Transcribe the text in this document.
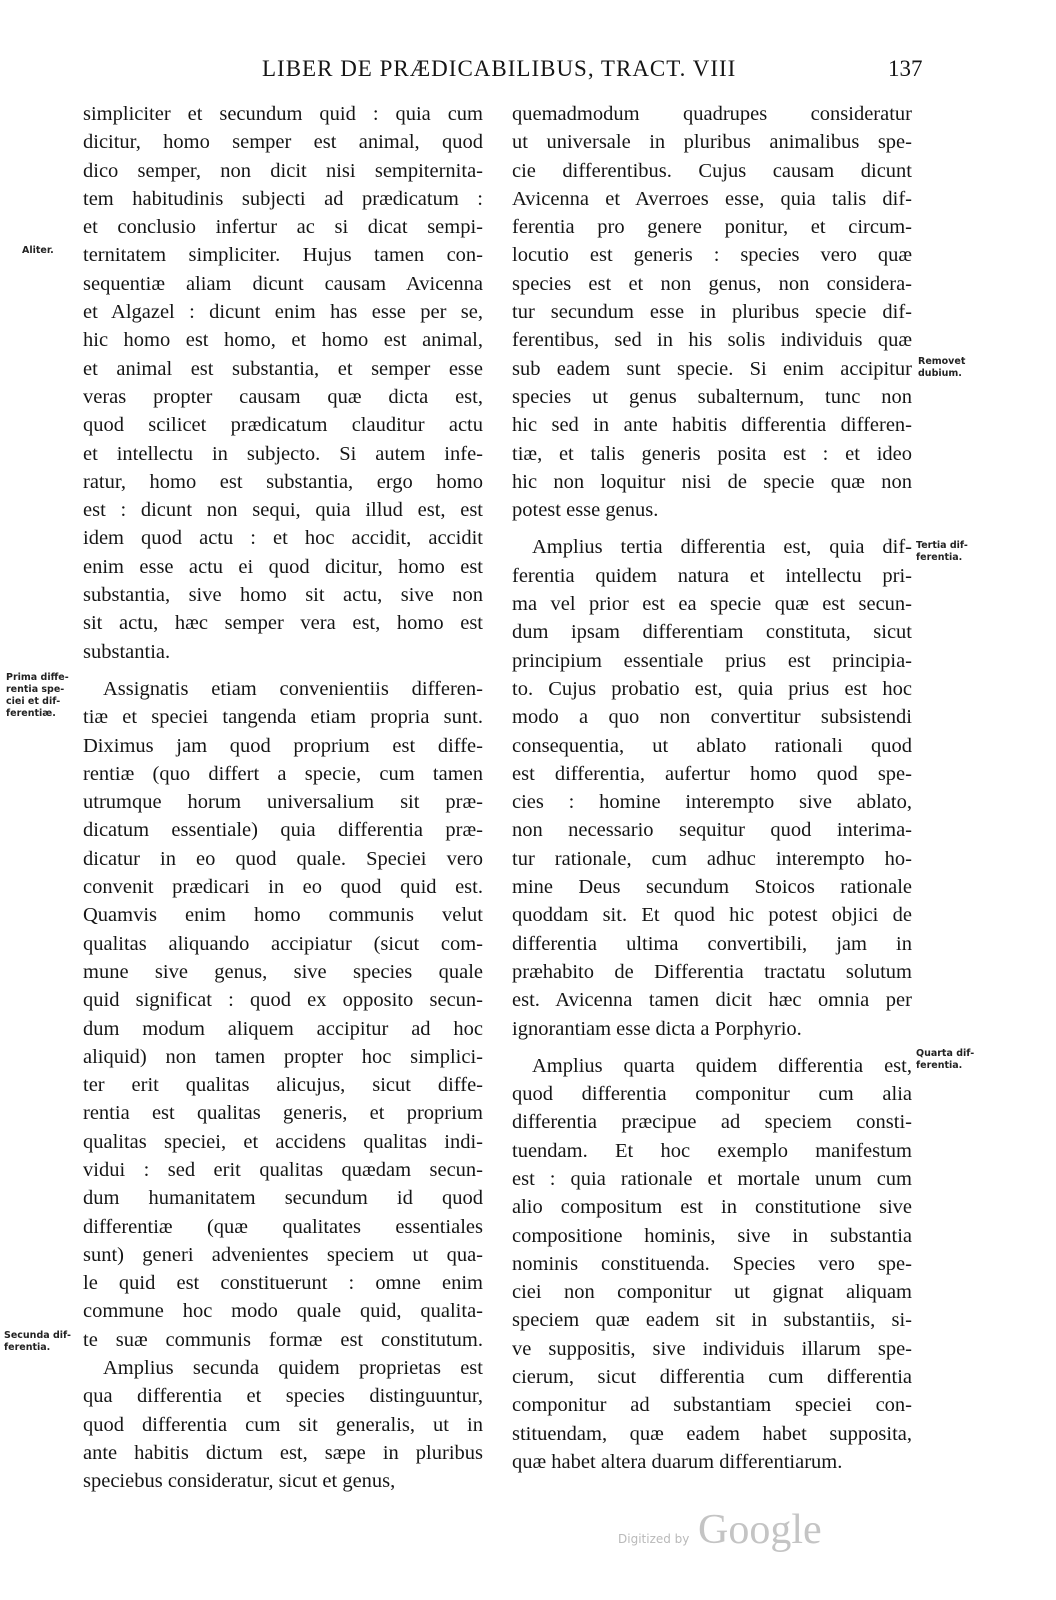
LIBER DE PRÆDICABILIBUS, TRACT. VIII	137
simpliciter et secundum quid : quia cum
dicitur, homo semper est animal, quod
dico semper, non dicit nisi sempiternita-
tem habitudinis subjecti ad prædicatum :
et conclusio infertur ac si dicat sempi-
ternitatem simpliciter. Hujus tamen con-
sequentiæ aliam dicunt causam Avicenna
et Algazel : dicunt enim has esse per se,
hic homo est homo, et homo est animal,
et animal est substantia, et semper esse
veras propter causam quæ dicta est,
quod scilicet prædicatum clauditur actu
et intellectu in subjecto. Si autem infe-
ratur, homo est substantia, ergo homo
est : dicunt non sequi, quia illud est, est
idem quod actu : et hoc accidit, accidit
enim esse actu ei quod dicitur, homo est
substantia, sive homo sit actu, sive non
sit actu, hæc semper vera est, homo est
substantia.
Assignatis etiam convenientiis differen-
tiæ et speciei tangenda etiam propria sunt.
Diximus jam quod proprium est diffe-
rentiæ (quo differt a specie, cum tamen
utrumque horum universalium sit præ-
dicatum essentiale) quia differentia præ-
dicatur in eo quod quale. Speciei vero
convenit prædicari in eo quod quid est.
Quamvis enim homo communis velut
qualitas aliquando accipiatur (sicut com-
mune sive genus, sive species quale
quid significat : quod ex opposito secun-
dum modum aliquem accipitur ad hoc
aliquid) non tamen propter hoc simplici-
ter erit qualitas alicujus, sicut diffe-
rentia est qualitas generis, et proprium
qualitas speciei, et accidens qualitas indi-
vidui : sed erit qualitas quædam secun-
dum humanitatem secundum id quod
differentiæ (quæ qualitates essentiales
sunt) generi advenientes speciem ut qua-
le quid est constituerunt : omne enim
commune hoc modo quale quid, qualita-
te suæ communis formæ est constitutum.
Amplius secunda quidem proprietas est
qua differentia et species distinguuntur,
quod differentia cum sit generalis, ut in
ante habitis dictum est, sæpe in pluribus
speciebus consideratur, sicut et genus,
quemadmodum quadrupes consideratur
ut universale in pluribus animalibus spe-
cie differentibus. Cujus causam dicunt
Avicenna et Averroes esse, quia talis dif-
ferentia pro genere ponitur, et circum-
locutio est generis : species vero quæ
species est et non genus, non considera-
tur secundum esse in pluribus specie dif-
ferentibus, sed in his solis individuis quæ
sub eadem sunt specie. Si enim accipitur
species ut genus subalternum, tunc non
hic sed in ante habitis differentia differen-
tiæ, et talis generis posita est : et ideo
hic non loquitur nisi de specie quæ non
potest esse genus.
Amplius tertia differentia est, quia dif-
ferentia quidem natura et intellectu pri-
ma vel prior est ea specie quæ est secun-
dum ipsam differentiam constituta, sicut
principium essentiale prius est principia-
to. Cujus probatio est, quia prius est hoc
modo a quo non convertitur subsistendi
consequentia, ut ablato rationali quod
est differentia, aufertur homo quod spe-
cies : homine interempto sive ablato,
non necessario sequitur quod interima-
tur rationale, cum adhuc interempto ho-
mine Deus secundum Stoicos rationale
quoddam sit. Et quod hic potest objici de
differentia ultima convertibili, jam in
præhabito de Differentia tractatu solutum
est. Avicenna tamen dicit hæc omnia per
ignorantiam esse dicta a Porphyrio.
Amplius quarta quidem differentia est,
quod differentia componitur cum alia
differentia præcipue ad speciem consti-
tuendam. Et hoc exemplo manifestum
est : quia rationale et mortale unum cum
alio compositum est in constitutione sive
compositione hominis, sive in substantia
nominis constituenda. Species vero spe-
ciei non componitur ut gignat aliquam
speciem quæ eadem sit in substantiis, si-
ve suppositis, sive individuis illarum spe-
cierum, sicut differentia cum differentia
componitur ad substantiam speciei con-
stituendam, quæ eadem habet supposita,
quæ habet altera duarum differentiarum.
Aliter.
Prima diffe-
rentia spe-
ciei et dif-
ferentiæ.
Secunda dif-
ferentia.
Removet
dubium.
Tertia dif-
ferentia.
Quarta dif-
ferentia.
Digitized by Google
